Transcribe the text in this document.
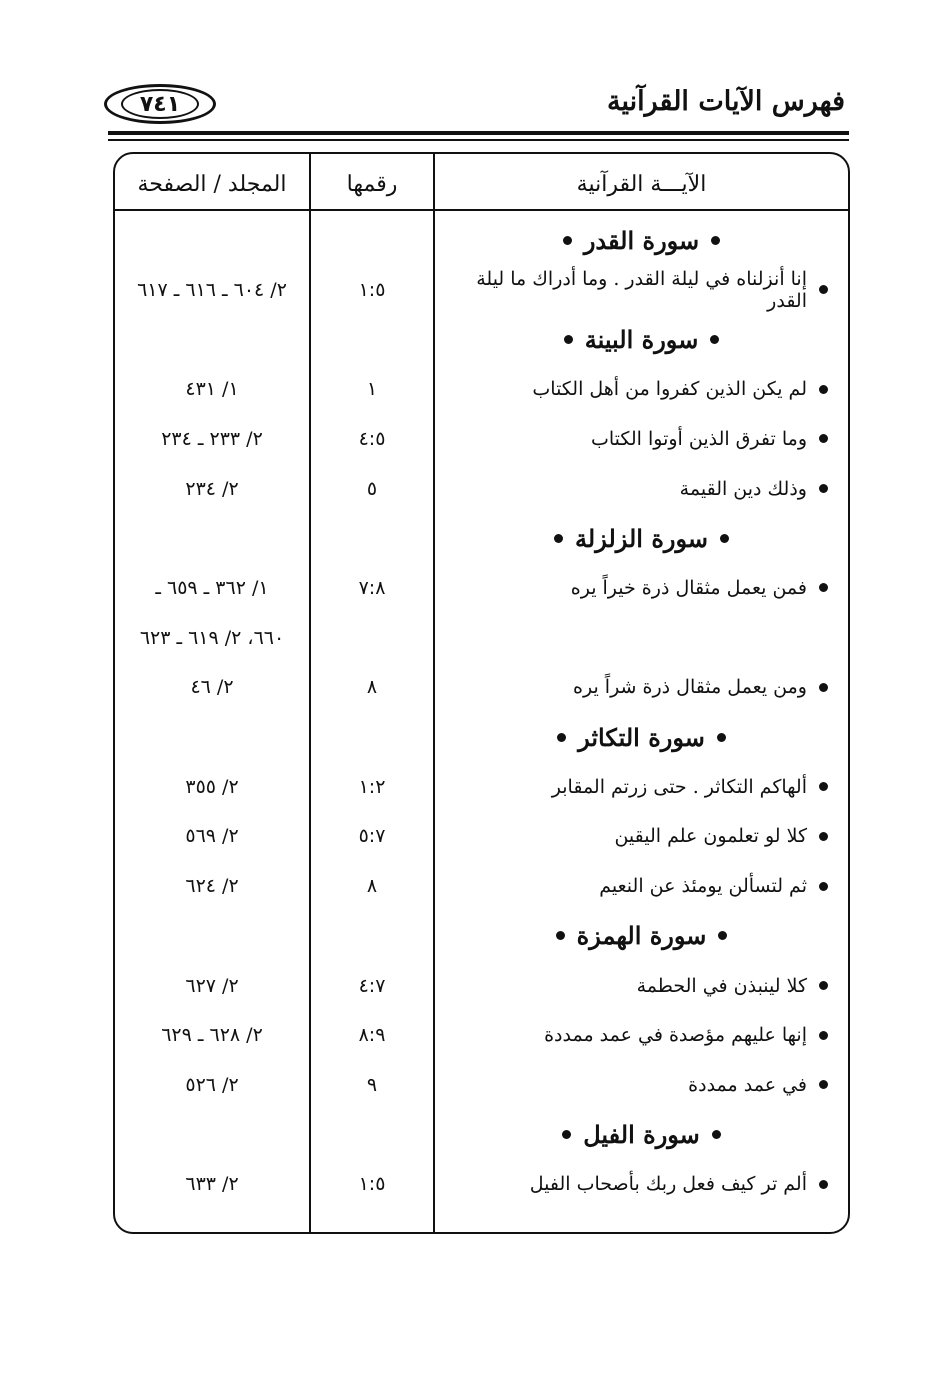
فهرس الآيات القرآنية
٧٤١
المجلد / الصفحة	رقمها	الآيـــة القرآنية
سورة القدر
إنا أنزلناه في ليلة القدر . وما أدراك ما ليلة القدر
١:٥
٢/ ٦٠٤ ـ ٦١٦ ـ ٦١٧
سورة البينة
لم يكن الذين كفروا من أهل الكتاب
١
١/ ٤٣١
وما تفرق الذين أوتوا الكتاب
٤:٥
٢/ ٢٣٣ ـ ٢٣٤
وذلك دين القيمة
٥
٢/ ٢٣٤
سورة الزلزلة
فمن يعمل مثقال ذرة خيراً يره
٧:٨
١/ ٣٦٢ ـ ٦٥٩ ـ
٦٦٠، ٢/ ٦١٩ ـ ٦٢٣
ومن يعمل مثقال ذرة شراً يره
٨
٢/ ٤٦
سورة التكاثر
ألهاكم التكاثر . حتى زرتم المقابر
١:٢
٢/ ٣٥٥
كلا لو تعلمون علم اليقين
٥:٧
٢/ ٥٦٩
ثم لتسألن يومئذ عن النعيم
٨
٢/ ٦٢٤
سورة الهمزة
كلا لينبذن في الحطمة
٤:٧
٢/ ٦٢٧
إنها عليهم مؤصدة في عمد ممددة
٨:٩
٢/ ٦٢٨ ـ ٦٢٩
في عمد ممددة
٩
٢/ ٥٢٦
سورة الفيل
ألم تر كيف فعل ربك بأصحاب الفيل
١:٥
٢/ ٦٣٣
